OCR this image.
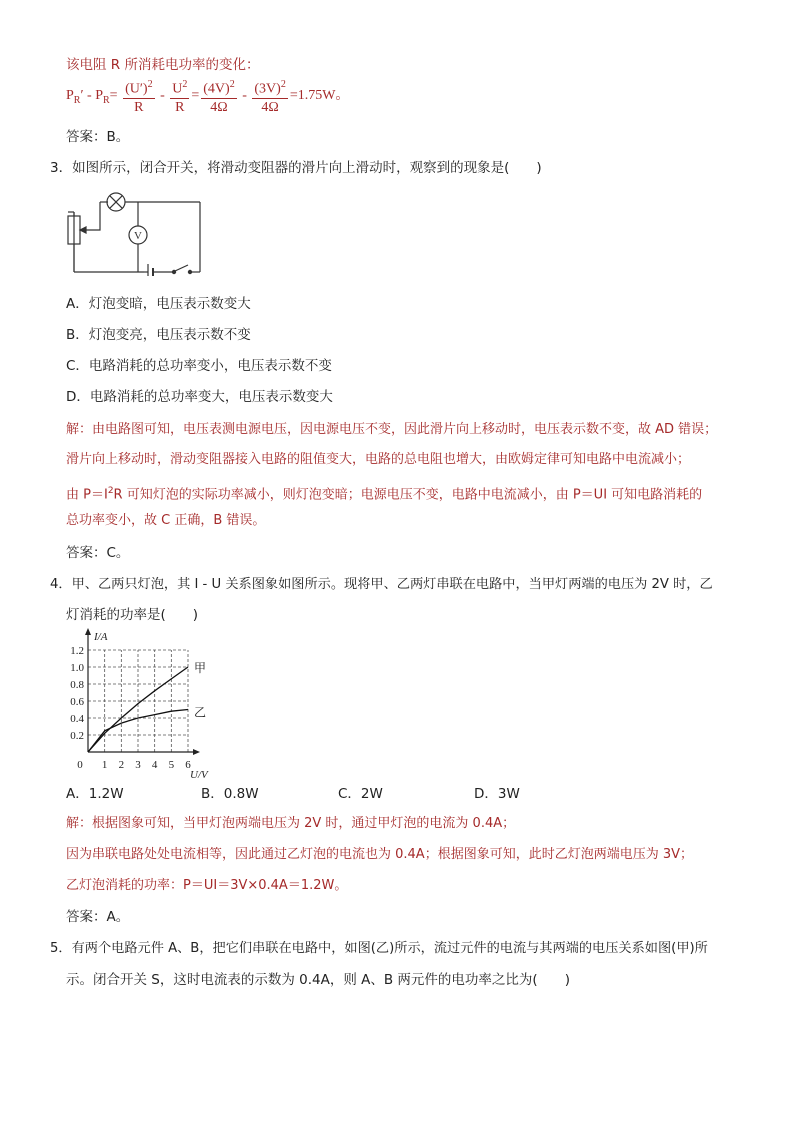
该电阻 R 所消耗电功率的变化：
$P_R' - P_R= \frac{(U')^2}{R} - \frac{U^2}{R} = \frac{(4V)^2}{4\Omega} - \frac{(3V)^2}{4\Omega} =1.75W$。
答案：B。
3．如图所示，闭合开关，将滑动变阻器的滑片向上滑动时，观察到的现象是(　　)
V
A．灯泡变暗，电压表示数变大
B．灯泡变亮，电压表示数不变
C．电路消耗的总功率变小，电压表示数不变
D．电路消耗的总功率变大，电压表示数变大
解：由电路图可知，电压表测电源电压，因电源电压不变，因此滑片向上移动时，电压表示数不变，故 AD 错误；
滑片向上移动时，滑动变阻器接入电路的阻值变大，电路的总电阻也增大，由欧姆定律可知电路中电流减小；
由 $P=I^2R$ 可知灯泡的实际功率减小，则灯泡变暗；电源电压不变，电路中电流减小，由 P＝UI 可知电路消耗的
总功率变小，故 C 正确，B 错误。
答案：C。
4．甲、乙两只灯泡，其 I - U 关系图象如图所示。现将甲、乙两灯串联在电路中，当甲灯两端的电压为 2V 时，乙
灯消耗的功率是(　　)
0 1 2 3 4 5 6
0.2
0.4
0.6
0.8
1.0
1.2
I/A
U/V
甲
乙
A．1.2W	B．0.8W	C．2W	D．3W
解：根据图象可知，当甲灯泡两端电压为 2V 时，通过甲灯泡的电流为 0.4A；
因为串联电路处处电流相等，因此通过乙灯泡的电流也为 0.4A；根据图象可知，此时乙灯泡两端电压为 3V；
乙灯泡消耗的功率：P＝UI＝3V×0.4A＝1.2W。
答案：A。
5．有两个电路元件 A、B，把它们串联在电路中，如图(乙)所示，流过元件的电流与其两端的电压关系如图(甲)所
示。闭合开关 S，这时电流表的示数为 0.4A，则 A、B 两元件的电功率之比为(　　)
